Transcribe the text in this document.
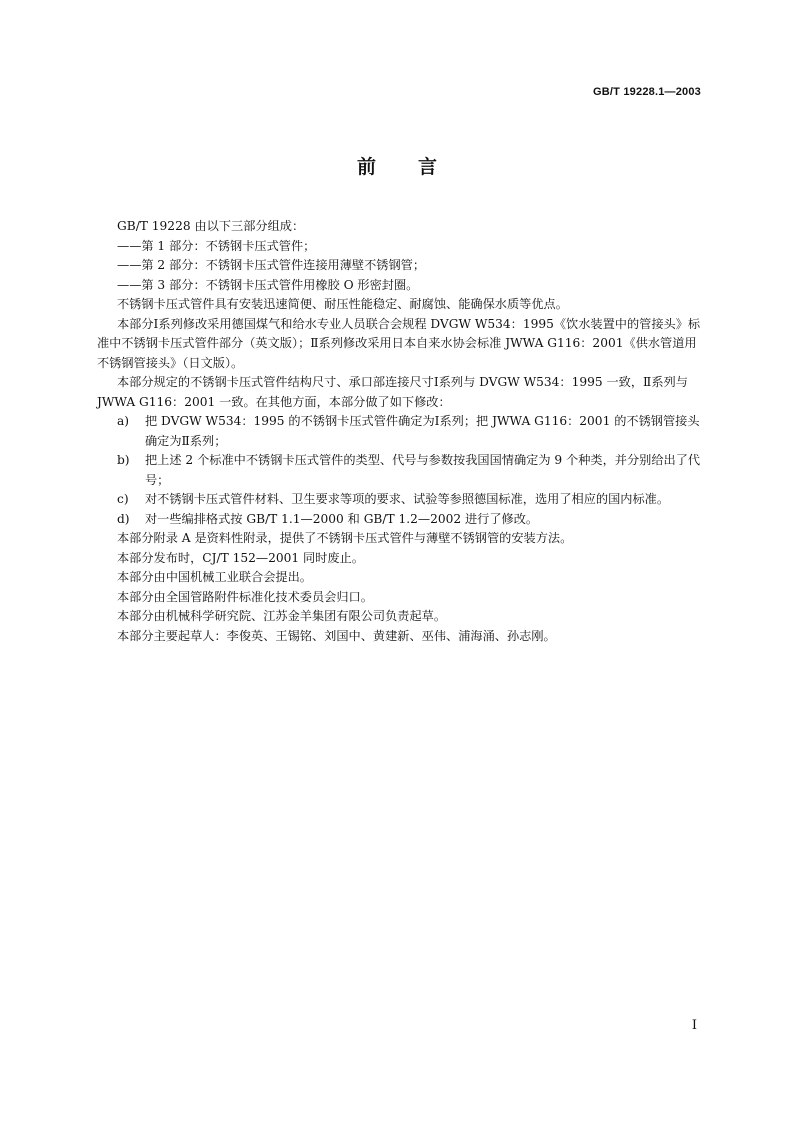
GB/T 19228.1—2003
前 言

GB/T 19228 由以下三部分组成：

——第 1 部分：不锈钢卡压式管件；

——第 2 部分：不锈钢卡压式管件连接用薄壁不锈钢管；

——第 3 部分：不锈钢卡压式管件用橡胶 O 形密封圈。

不锈钢卡压式管件具有安装迅速简便、耐压性能稳定、耐腐蚀、能确保水质等优点。

本部分Ⅰ系列修改采用德国煤气和给水专业人员联合会规程 DVGW W534：1995《饮水装置中的管接头》标准中不锈钢卡压式管件部分（英文版）；Ⅱ系列修改采用日本自来水协会标准 JWWA G116：2001《供水管道用不锈钢管接头》（日文版）。

本部分规定的不锈钢卡压式管件结构尺寸、承口部连接尺寸Ⅰ系列与 DVGW W534：1995 一致，Ⅱ系列与 JWWA G116：2001 一致。在其他方面，本部分做了如下修改：

a)	把 DVGW W534：1995 的不锈钢卡压式管件确定为Ⅰ系列；把 JWWA G116：2001 的不锈钢管接头确定为Ⅱ系列；
b)	把上述 2 个标准中不锈钢卡压式管件的类型、代号与参数按我国国情确定为 9 个种类，并分别给出了代号；
c)	对不锈钢卡压式管件材料、卫生要求等项的要求、试验等参照德国标准，选用了相应的国内标准。
d)	对一些编排格式按 GB/T 1.1—2000 和 GB/T 1.2—2002 进行了修改。

本部分附录 A 是资料性附录，提供了不锈钢卡压式管件与薄壁不锈钢管的安装方法。

本部分发布时，CJ/T 152—2001 同时废止。

本部分由中国机械工业联合会提出。

本部分由全国管路附件标准化技术委员会归口。

本部分由机械科学研究院、江苏金羊集团有限公司负责起草。

本部分主要起草人：李俊英、王锡铭、刘国中、黄建新、巫伟、浦海涌、孙志刚。

I
